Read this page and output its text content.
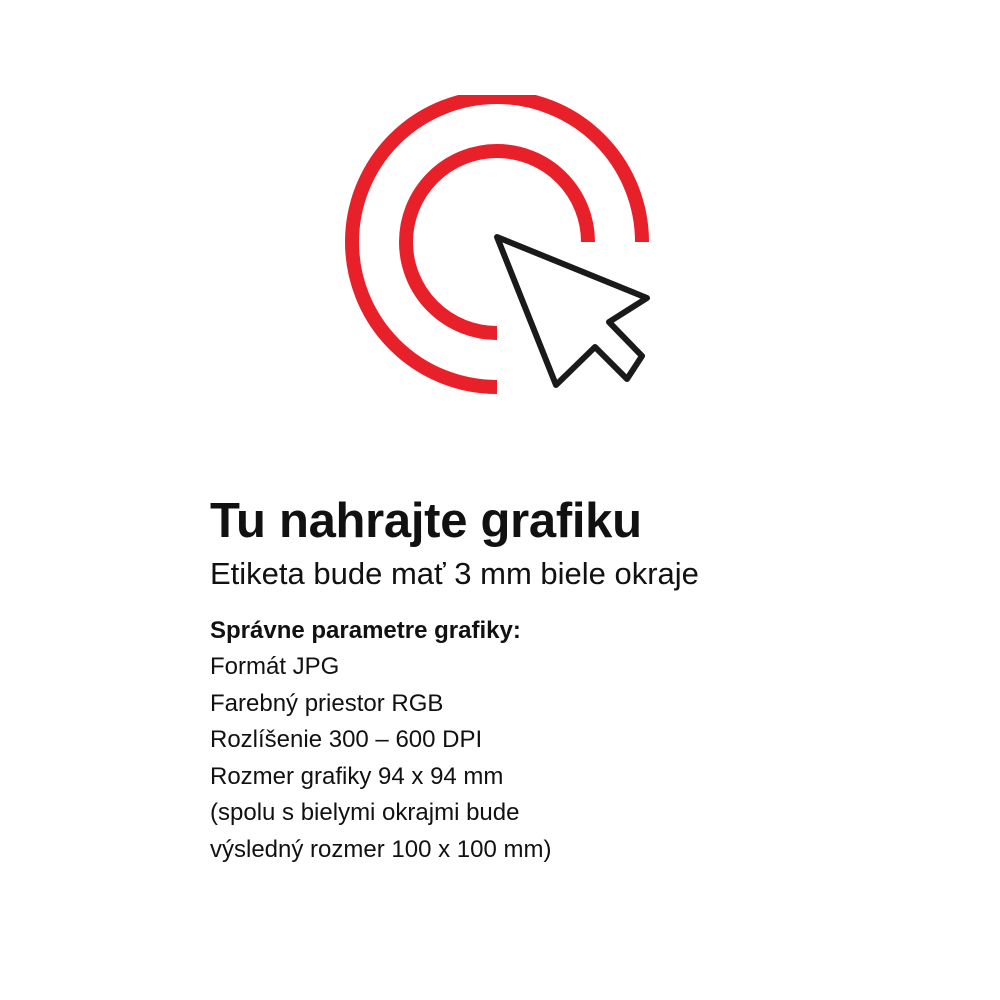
Tu nahrajte grafiku

Etiketa bude mať 3 mm biele okraje

Správne parametre grafiky:
Formát JPG
Farebný priestor RGB
Rozlíšenie 300 – 600 DPI
Rozmer grafiky 94 x 94 mm
(spolu s bielymi okrajmi bude
výsledný rozmer 100 x 100 mm)
